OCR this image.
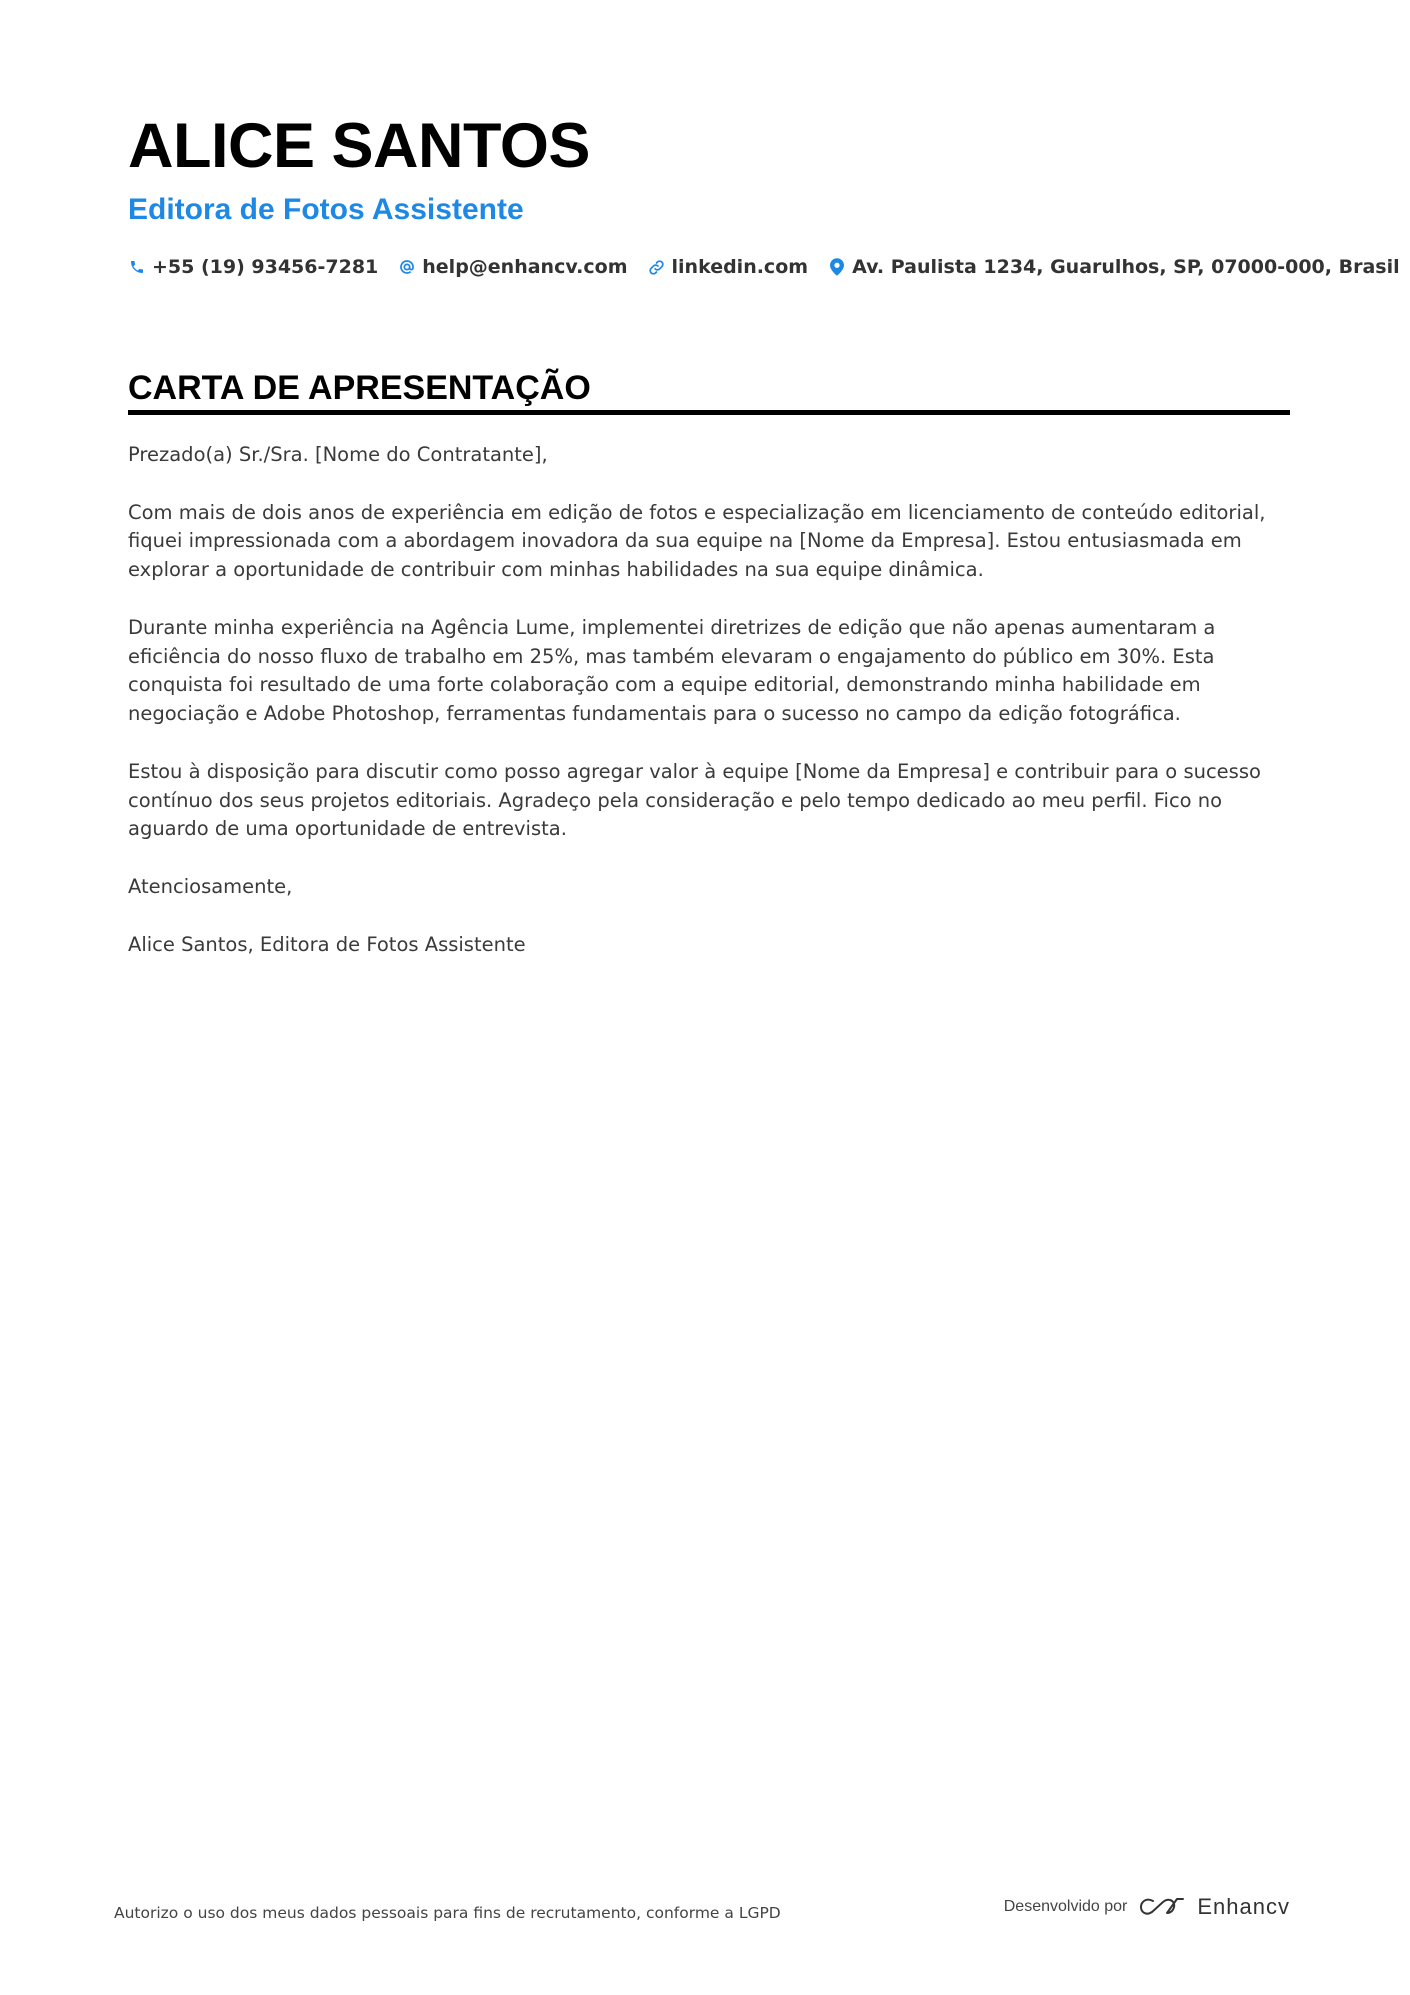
ALICE SANTOS
Editora de Fotos Assistente
+55 (19) 93456-7281 help@enhancv.com linkedin.com Av. Paulista 1234, Guarulhos, SP, 07000-000, Brasil
CARTA DE APRESENTAÇÃO

Prezado(a) Sr./Sra. [Nome do Contratante],

Com mais de dois anos de experiência em edição de fotos e especialização em licenciamento de conteúdo editorial, fiquei impressionada com a abordagem inovadora da sua equipe na [Nome da Empresa]. Estou entusiasmada em explorar a oportunidade de contribuir com minhas habilidades na sua equipe dinâmica.

Durante minha experiência na Agência Lume, implementei diretrizes de edição que não apenas aumentaram a eficiência do nosso fluxo de trabalho em 25%, mas também elevaram o engajamento do público em 30%. Esta conquista foi resultado de uma forte colaboração com a equipe editorial, demonstrando minha habilidade em negociação e Adobe Photoshop, ferramentas fundamentais para o sucesso no campo da edição fotográfica.

Estou à disposição para discutir como posso agregar valor à equipe [Nome da Empresa] e contribuir para o sucesso contínuo dos seus projetos editoriais. Agradeço pela consideração e pelo tempo dedicado ao meu perfil. Fico no aguardo de uma oportunidade de entrevista.

Atenciosamente,

Alice Santos, Editora de Fotos Assistente

Autorizo o uso dos meus dados pessoais para fins de recrutamento, conforme a LGPD	Desenvolvido por	Enhancv
